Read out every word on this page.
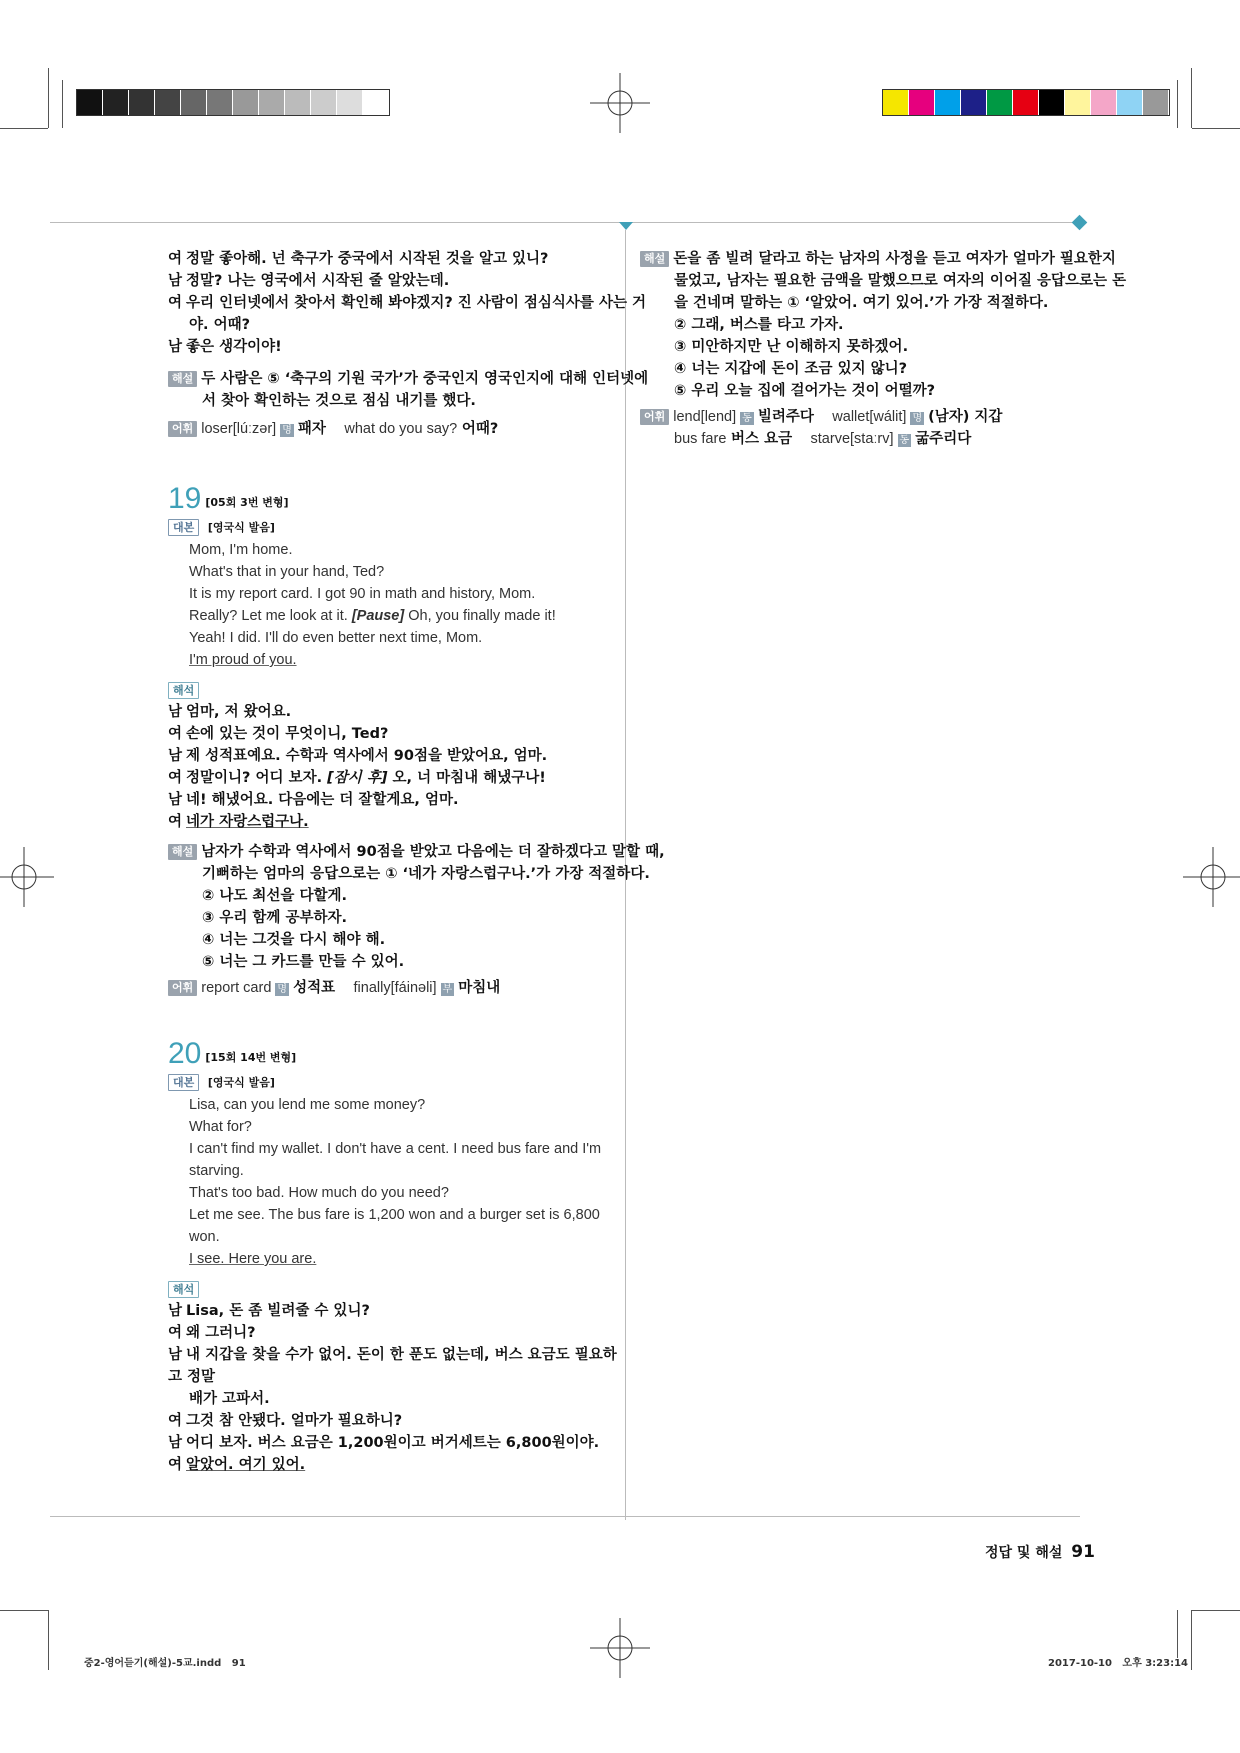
여 정말 좋아해. 넌 축구가 중국에서 시작된 것을 알고 있니?
남 정말? 나는 영국에서 시작된 줄 알았는데.
여 우리 인터넷에서 찾아서 확인해 봐야겠지? 진 사람이 점심식사를 사는 거
야. 어때?
남 좋은 생각이야!
해설 두 사람은 ⑤ ‘축구의 기원 국가’가 중국인지 영국인지에 대해 인터넷에
서 찾아 확인하는 것으로 점심 내기를 했다.
어휘 loser[lúːzər] 명 패자 what do you say? 어때?
19 [05회 3번 변형]
대본 [영국식 발음]
Mom, I'm home.
What's that in your hand, Ted?
It is my report card. I got 90 in math and history, Mom.
Really? Let me look at it. [Pause] Oh, you finally made it!
Yeah! I did. I'll do even better next time, Mom.
I'm proud of you.
해석
남 엄마, 저 왔어요.
여 손에 있는 것이 무엇이니, Ted?
남 제 성적표예요. 수학과 역사에서 90점을 받았어요, 엄마.
여 정말이니? 어디 보자. [잠시 후] 오, 너 마침내 해냈구나!
남 네! 해냈어요. 다음에는 더 잘할게요, 엄마.
여 네가 자랑스럽구나.
해설 남자가 수학과 역사에서 90점을 받았고 다음에는 더 잘하겠다고 말할 때,
기뻐하는 엄마의 응답으로는 ① ‘네가 자랑스럽구나.’가 가장 적절하다.
② 나도 최선을 다할게.
③ 우리 함께 공부하자.
④ 너는 그것을 다시 해야 해.
⑤ 너는 그 카드를 만들 수 있어.
어휘 report card 명 성적표 finally[fáinəli] 부 마침내
20 [15회 14번 변형]
대본 [영국식 발음]
Lisa, can you lend me some money?
What for?
I can't find my wallet. I don't have a cent. I need bus fare and I'm
starving.
That's too bad. How much do you need?
Let me see. The bus fare is 1,200 won and a burger set is 6,800
won.
I see. Here you are.
해석
남 Lisa, 돈 좀 빌려줄 수 있니?
여 왜 그러니?
남 내 지갑을 찾을 수가 없어. 돈이 한 푼도 없는데, 버스 요금도 필요하고 정말
배가 고파서.
여 그것 참 안됐다. 얼마가 필요하니?
남 어디 보자. 버스 요금은 1,200원이고 버거세트는 6,800원이야.
여 알았어. 여기 있어.
해설 돈을 좀 빌려 달라고 하는 남자의 사정을 듣고 여자가 얼마가 필요한지
물었고, 남자는 필요한 금액을 말했으므로 여자의 이어질 응답으로는 돈
을 건네며 말하는 ① ‘알았어. 여기 있어.’가 가장 적절하다.
② 그래, 버스를 타고 가자.
③ 미안하지만 난 이해하지 못하겠어.
④ 너는 지갑에 돈이 조금 있지 않니?
⑤ 우리 오늘 집에 걸어가는 것이 어떨까?
어휘 lend[lend] 동 빌려주다 wallet[wálit] 명 (남자) 지갑
bus fare 버스 요금 starve[staːrv] 동 굶주리다
정답 및 해설 91
중2-영어듣기(해설)-5교.indd   91	2017-10-10   오후 3:23:14
